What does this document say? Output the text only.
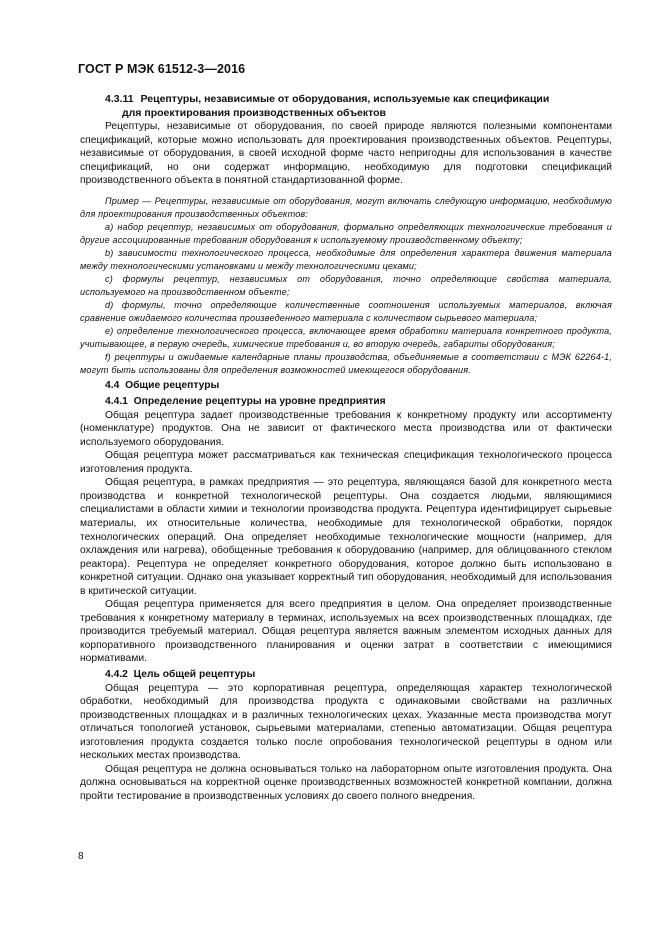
ГОСТ Р МЭК 61512-3—2016

4.3.11 Рецептуры, независимые от оборудования, используемые как спецификации

для проектирования производственных объектов

Рецептуры, независимые от оборудования, по своей природе являются полезными компонентами спецификаций, которые можно использовать для проектирования производственных объектов. Рецептуры, независимые от оборудования, в своей исходной форме часто непригодны для использования в качестве спецификаций, но они содержат информацию, необходимую для подготовки спецификаций производственного объекта в понятной стандартизованной форме.

Пример — Рецептуры, независимые от оборудования, могут включать следующую информацию, необходимую для проектирования производственных объектов:

a) набор рецептур, независимых от оборудования, формально определяющих технологические требования и другие ассоциированные требования оборудования к используемому производственному объекту;

b) зависимости технологического процесса, необходимые для определения характера движения материала между технологическими установками и между технологическими цехами;

c) формулы рецептур, независимых от оборудования, точно определяющие свойства материала, используемого на производственном объекте;

d) формулы, точно определяющие количественные соотношения используемых материалов, включая сравнение ожидаемого количества произведенного материала с количеством сырьевого материала;

e) определение технологического процесса, включающее время обработки материала конкретного продукта, учитывающее, в первую очередь, химические требования и, во вторую очередь, габариты оборудования;

f) рецептуры и ожидаемые календарные планы производства, объединяемые в соответствии с МЭК 62264-1, могут быть использованы для определения возможностей имеющегося оборудования.

4.4 Общие рецептуры

4.4.1 Определение рецептуры на уровне предприятия

Общая рецептура задает производственные требования к конкретному продукту или ассортименту (номенклатуре) продуктов. Она не зависит от фактического места производства или от фактически используемого оборудования.

Общая рецептура может рассматриваться как техническая спецификация технологического процесса изготовления продукта.

Общая рецептура, в рамках предприятия — это рецептура, являющаяся базой для конкретного места производства и конкретной технологической рецептуры. Она создается людьми, являющимися специалистами в области химии и технологии производства продукта. Рецептура идентифицирует сырьевые материалы, их относительные количества, необходимые для технологической обработки, порядок технологических операций. Она определяет необходимые технологические мощности (например, для охлаждения или нагрева), обобщенные требования к оборудованию (например, для облицованного стеклом реактора). Рецептура не определяет конкретного оборудования, которое должно быть использовано в конкретной ситуации. Однако она указывает корректный тип оборудования, необходимый для использования в критической ситуации.

Общая рецептура применяется для всего предприятия в целом. Она определяет производственные требования к конкретному материалу в терминах, используемых на всех производственных площадках, где производится требуемый материал. Общая рецептура является важным элементом исходных данных для корпоративного производственного планирования и оценки затрат в соответствии с имеющимися нормативами.

4.4.2 Цель общей рецептуры

Общая рецептура — это корпоративная рецептура, определяющая характер технологической обработки, необходимый для производства продукта с одинаковыми свойствами на различных производственных площадках и в различных технологических цехах. Указанные места производства могут отличаться топологией установок, сырьевыми материалами, степенью автоматизации. Общая рецептура изготовления продукта создается только после опробования технологической рецептуры в одном или нескольких местах производства.

Общая рецептура не должна основываться только на лабораторном опыте изготовления продукта. Она должна основываться на корректной оценке производственных возможностей конкретной компании, должна пройти тестирование в производственных условиях до своего полного внедрения.

8
